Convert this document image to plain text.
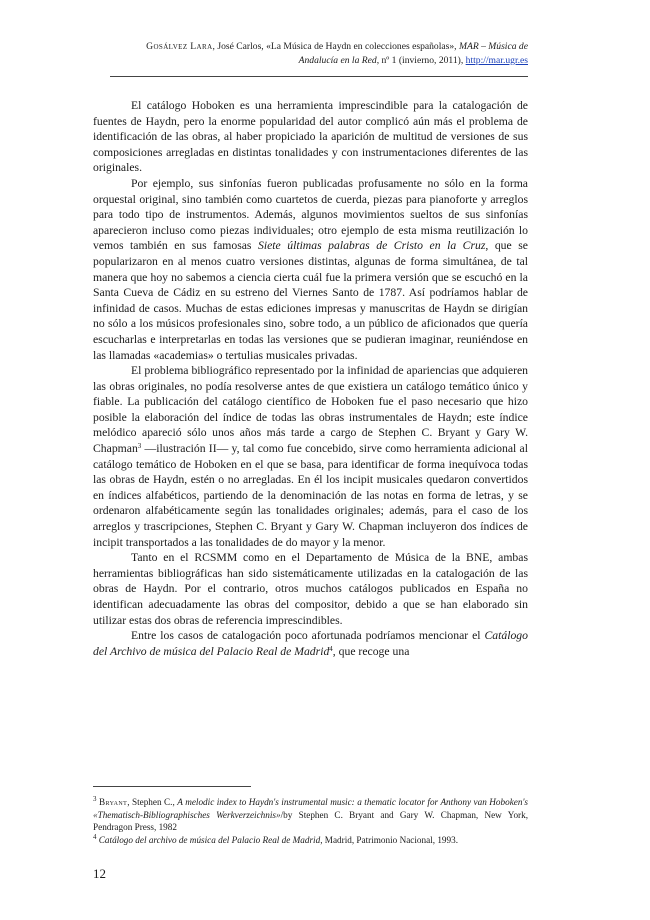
Gosálvez Lara, José Carlos, «La Música de Haydn en colecciones españolas», MAR – Música de Andalucía en la Red, nº 1 (invierno, 2011), http://mar.ugr.es

El catálogo Hoboken es una herramienta imprescindible para la catalogación de fuentes de Haydn, pero la enorme popularidad del autor complicó aún más el problema de identificación de las obras, al haber propiciado la aparición de multitud de versiones de sus composiciones arregladas en distintas tonalidades y con instrumentaciones diferentes de las originales.

Por ejemplo, sus sinfonías fueron publicadas profusamente no sólo en la forma orquestal original, sino también como cuartetos de cuerda, piezas para pianoforte y arreglos para todo tipo de instrumentos. Además, algunos movimientos sueltos de sus sinfonías aparecieron incluso como piezas individuales; otro ejemplo de esta misma reutilización lo vemos también en sus famosas Siete últimas palabras de Cristo en la Cruz, que se popularizaron en al menos cuatro versiones distintas, algunas de forma simultánea, de tal manera que hoy no sabemos a ciencia cierta cuál fue la primera versión que se escuchó en la Santa Cueva de Cádiz en su estreno del Viernes Santo de 1787. Así podríamos hablar de infinidad de casos. Muchas de estas ediciones impresas y manuscritas de Haydn se dirigían no sólo a los músicos profesionales sino, sobre todo, a un público de aficionados que quería escucharlas e interpretarlas en todas las versiones que se pudieran imaginar, reuniéndose en las llamadas «academias» o tertulias musicales privadas.

El problema bibliográfico representado por la infinidad de apariencias que adquieren las obras originales, no podía resolverse antes de que existiera un catálogo temático único y fiable. La publicación del catálogo científico de Hoboken fue el paso necesario que hizo posible la elaboración del índice de todas las obras instrumentales de Haydn; este índice melódico apareció sólo unos años más tarde a cargo de Stephen C. Bryant y Gary W. Chapman$^3$ —ilustración II— y, tal como fue concebido, sirve como herramienta adicional al catálogo temático de Hoboken en el que se basa, para identificar de forma inequívoca todas las obras de Haydn, estén o no arregladas. En él los incipit musicales quedaron convertidos en índices alfabéticos, partiendo de la denominación de las notas en forma de letras, y se ordenaron alfabéticamente según las tonalidades originales; además, para el caso de los arreglos y trascripciones, Stephen C. Bryant y Gary W. Chapman incluyeron dos índices de incipit transportados a las tonalidades de do mayor y la menor.

Tanto en el RCSMM como en el Departamento de Música de la BNE, ambas herramientas bibliográficas han sido sistemáticamente utilizadas en la catalogación de las obras de Haydn. Por el contrario, otros muchos catálogos publicados en España no identifican adecuadamente las obras del compositor, debido a que se han elaborado sin utilizar estas dos obras de referencia imprescindibles.

Entre los casos de catalogación poco afortunada podríamos mencionar el Catálogo del Archivo de música del Palacio Real de Madrid$^4$, que recoge una

$^3$ Bryant, Stephen C., A melodic index to Haydn's instrumental music: a thematic locator for Anthony van Hoboken's «Thematisch-Bibliographisches Werkverzeichnis»/by Stephen C. Bryant and Gary W. Chapman, New York, Pendragon Press, 1982

$^4$ Catálogo del archivo de música del Palacio Real de Madrid, Madrid, Patrimonio Nacional, 1993.

12
